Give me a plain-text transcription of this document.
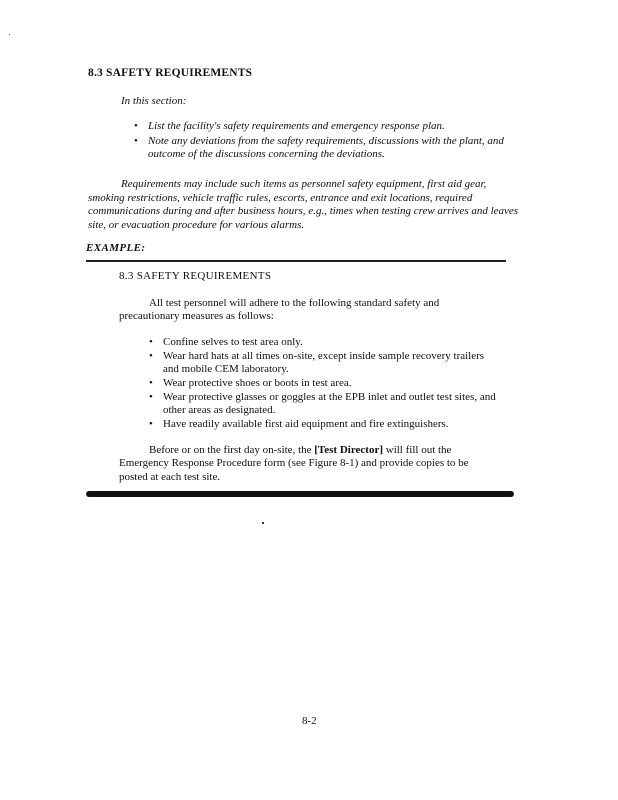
8.3 SAFETY REQUIREMENTS
In this section:
• List the facility's safety requirements and emergency response plan.
• Note any deviations from the safety requirements, discussions with the plant, and outcome of the discussions concerning the deviations.

Requirements may include such items as personnel safety equipment, first aid gear, smoking restrictions, vehicle traffic rules, escorts, entrance and exit locations, required communications during and after business hours, e.g., times when testing crew arrives and leaves site, or evacuation procedure for various alarms.

EXAMPLE:
8.3 SAFETY REQUIREMENTS

All test personnel will adhere to the following standard safety and precautionary measures as follows:

• Confine selves to test area only.
• Wear hard hats at all times on-site, except inside sample recovery trailers and mobile CEM laboratory.
• Wear protective shoes or boots in test area.
• Wear protective glasses or goggles at the EPB inlet and outlet test sites, and other areas as designated.
• Have readily available first aid equipment and fire extinguishers.

Before or on the first day on-site, the [Test Director] will fill out the Emergency Response Procedure form (see Figure 8-1) and provide copies to be posted at each test site.

8-2
